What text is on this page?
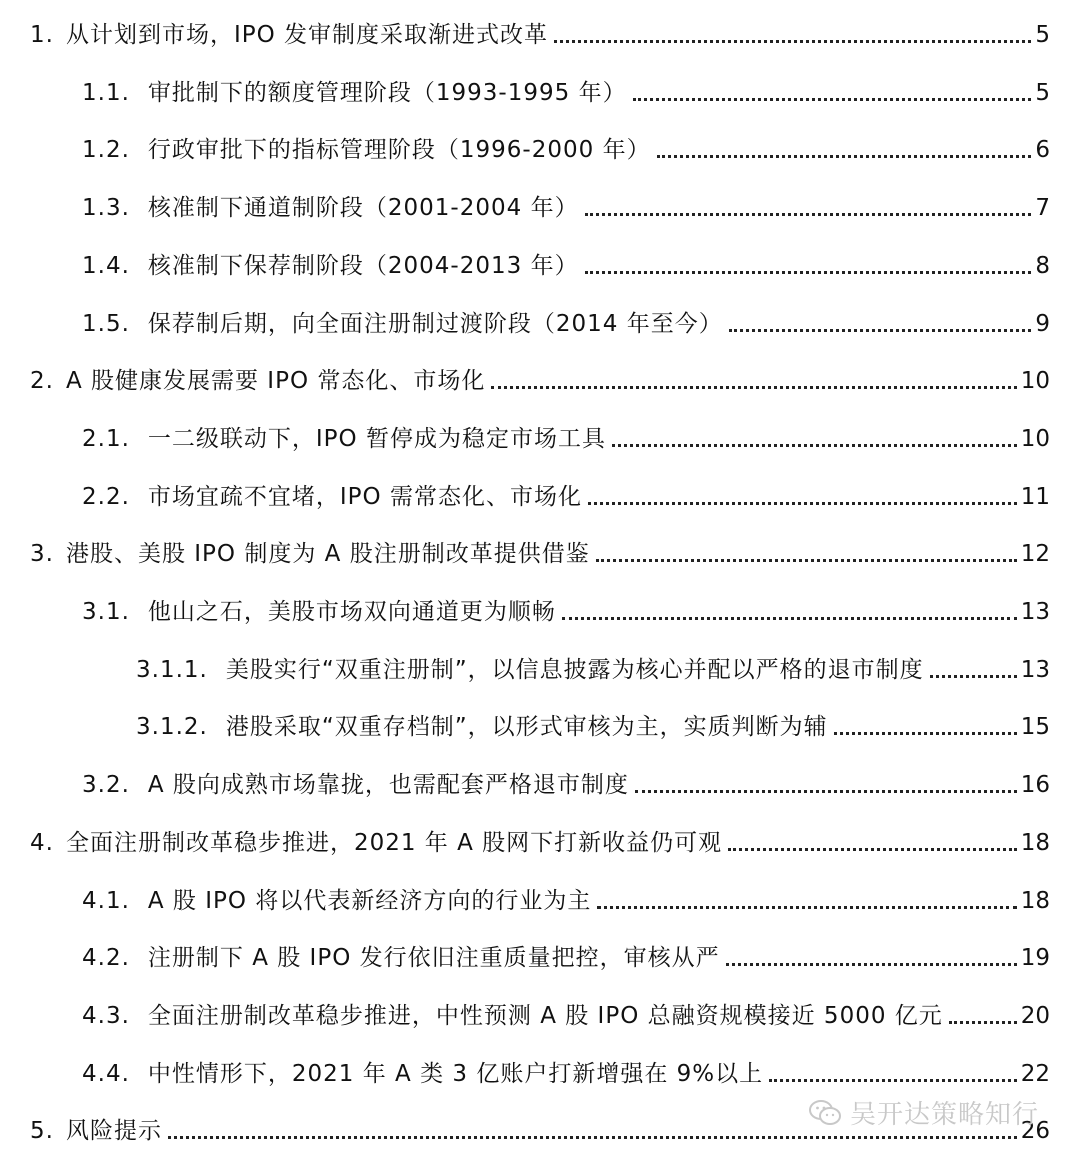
1. 从计划到市场，IPO 发审制度采取渐进式改革	5
1.1. 审批制下的额度管理阶段（1993-1995 年）	5
1.2. 行政审批下的指标管理阶段（1996-2000 年）	6
1.3. 核准制下通道制阶段（2001-2004 年）	7
1.4. 核准制下保荐制阶段（2004-2013 年）	8
1.5. 保荐制后期，向全面注册制过渡阶段（2014 年至今）	9
2. A 股健康发展需要 IPO 常态化、市场化	10
2.1. 一二级联动下，IPO 暂停成为稳定市场工具	10
2.2. 市场宜疏不宜堵，IPO 需常态化、市场化	11
3. 港股、美股 IPO 制度为 A 股注册制改革提供借鉴	12
3.1. 他山之石，美股市场双向通道更为顺畅	13
3.1.1. 美股实行“双重注册制”，以信息披露为核心并配以严格的退市制度	13
3.1.2. 港股采取“双重存档制”，以形式审核为主，实质判断为辅	15
3.2. A 股向成熟市场靠拢，也需配套严格退市制度	16
4. 全面注册制改革稳步推进，2021 年 A 股网下打新收益仍可观	18
4.1. A 股 IPO 将以代表新经济方向的行业为主	18
4.2. 注册制下 A 股 IPO 发行依旧注重质量把控，审核从严	19
4.3. 全面注册制改革稳步推进，中性预测 A 股 IPO 总融资规模接近 5000 亿元	20
4.4. 中性情形下，2021 年 A 类 3 亿账户打新增强在 9%以上	22
5. 风险提示	26
吴开达策略知行
